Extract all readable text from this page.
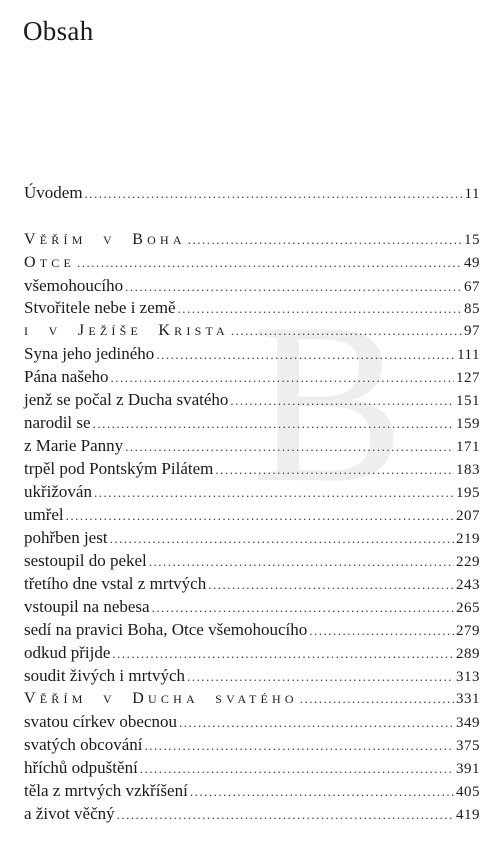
Obsah
B
Úvodem .....	11
VĚŘÍM V BOHA .....	15
OTCE .....	49
všemohoucího .....	67
Stvořitele nebe i země .....	85
I V JEŽÍŠE KRISTA .....	97
Syna jeho jediného .....	111
Pána našeho .....	127
jenž se počal z Ducha svatého .....	151
narodil se .....	159
z Marie Panny .....	171
trpěl pod Pontským Pilátem .....	183
ukřižován .....	195
umřel .....	207
pohřben jest .....	219
sestoupil do pekel .....	229
třetího dne vstal z mrtvých .....	243
vstoupil na nebesa .....	265
sedí na pravici Boha, Otce všemohoucího .....	279
odkud přijde .....	289
soudit živých i mrtvých .....	313
VĚŘÍM V DUCHA SVATÉHO .....	331
svatou církev obecnou .....	349
svatých obcování .....	375
hříchů odpuštění .....	391
těla z mrtvých vzkříšení .....	405
a život věčný .....	419
